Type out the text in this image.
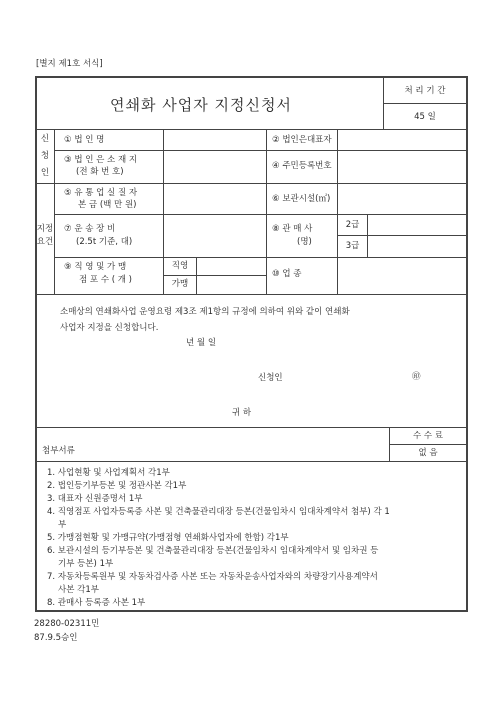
[별지 제1호 서식]
연쇄화 사업자 지정신청서
처 리 기 간
45 일
신
청
인
① 법 인 명	② 법인은대표자
③ 법 인 은 소 재 지
(전 화 번 호)
④ 주민등록번호
지정
요건
⑤ 유 통 업 실 질 자
본 금 (백 만 원)
⑥ 보관시설(㎡)
⑦ 운 송 장 비
(2.5t 기준, 대)
⑧ 관 매 사
(명)
2급
3급
⑨ 직 영 및 가 맹
점 포 수 ( 개 )
직영
가맹
⑩ 업 종
소매상의 연쇄화사업 운영요령 제3조 제1항의 규정에 의하여 위와 같이 연쇄화
사업자 지정을 신청합니다.
년 월 일
신청인	㊞
귀 하
첨부서류
수 수 료
없 음
1. 사업현황 및 사업계획서 각1부
2. 법인등기부등본 및 정관사본 각1부
3. 대표자 신원증명서 1부
4. 직영점포 사업자등록증 사본 및 건축물관리대장 등본(건물임차시 임대차계약서 첨부) 각 1
부
5. 가맹점현황 및 가맹규약(가맹점형 연쇄화사업자에 한함) 각1부
6. 보관시설의 등기부등본 및 건축물관리대장 등본(건물임차시 임대차계약서 및 임차권 등
기부 등본) 1부
7. 자동차등록원부 및 자동차검사증 사본 또는 자동차운송사업자와의 차량장기사용계약서
사본 각1부
8. 관매사 등록증 사본 1부
28280-02311민
87.9.5승인
